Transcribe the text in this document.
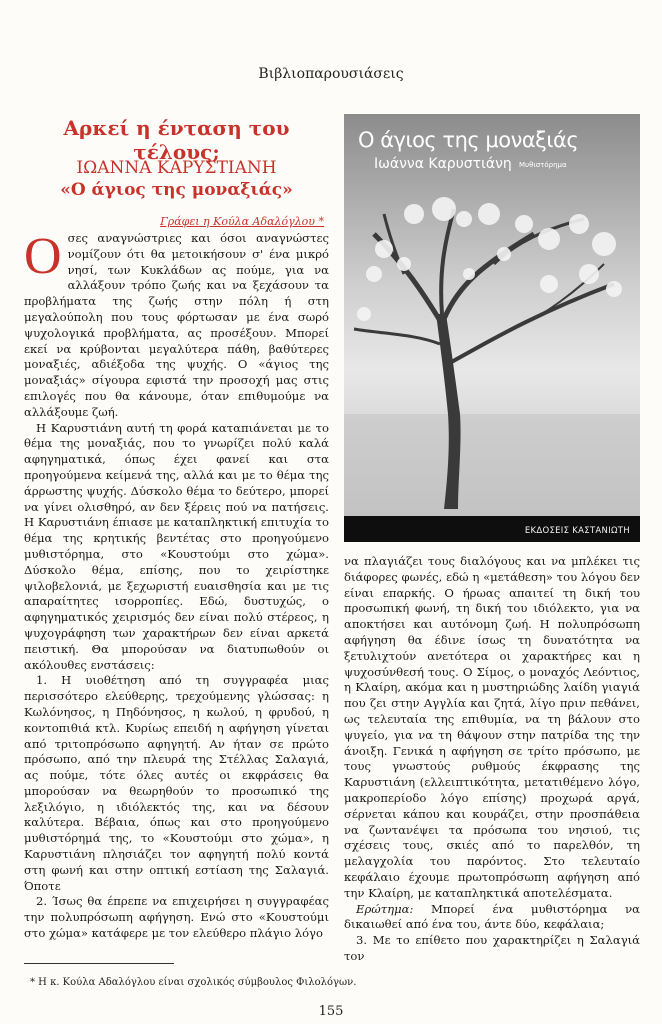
Βιβλιοπαρουσιάσεις
Αρκεί η ένταση του τέλους;
ΙΩΑΝΝΑ ΚΑΡΥΣΤΙΑΝΗ
«Ο άγιος της μοναξιάς»
Γράφει η Κούλα Αδαλόγλου *

Οσες αναγνώστριες και όσοι αναγνώστες νομίζουν ότι θα μετοικήσουν σ' ένα μικρό νησί, των Κυκλάδων ας πούμε, για να αλλάξουν τρόπο ζωής και να ξεχάσουν τα προβλήματα της ζωής στην πόλη ή στη μεγαλούπολη που τους φόρτωσαν με ένα σωρό ψυχολογικά προβλήματα, ας προσέξουν. Μπορεί εκεί να κρύβονται μεγαλύτερα πάθη, βαθύτερες μοναξιές, αδιέξοδα της ψυχής. Ο «άγιος της μοναξιάς» σίγουρα εφιστά την προσοχή μας στις επιλογές που θα κάνουμε, όταν επιθυμούμε να αλλάξουμε ζωή.

Η Καρυστιάνη αυτή τη φορά καταπιάνεται με το θέμα της μοναξιάς, που το γνωρίζει πολύ καλά αφηγηματικά, όπως έχει φανεί και στα προηγούμενα κείμενά της, αλλά και με το θέμα της άρρωστης ψυχής. Δύσκολο θέμα το δεύτερο, μπορεί να γίνει ολισθηρό, αν δεν ξέρεις πού να πατήσεις. Η Καρυστιάνη έπιασε με καταπληκτική επιτυχία το θέμα της κρητικής βεντέτας στο προηγούμενο μυθιστόρημα, στο «Κουστούμι στο χώμα». Δύσκολο θέμα, επίσης, που το χειρίστηκε ψιλοβελονιά, με ξεχωριστή ευαισθησία και με τις απαραίτητες ισορροπίες. Εδώ, δυστυχώς, ο αφηγηματικός χειρισμός δεν είναι πολύ στέρεος, η ψυχογράφηση των χαρακτήρων δεν είναι αρκετά πειστική. Θα μπορούσαν να διατυπωθούν οι ακόλουθες ενστάσεις:

1. Η υιοθέτηση από τη συγγραφέα μιας περισσότερο ελεύθερης, τρεχούμενης γλώσσας: η Κωλόνησος, η Πηδόνησος, η κωλού, η φρυδού, η κοντοπιθιά κτλ. Κυρίως επειδή η αφήγηση γίνεται από τριτοπρόσωπο αφηγητή. Αν ήταν σε πρώτο πρόσωπο, από την πλευρά της Στέλλας Σαλαγιά, ας πούμε, τότε όλες αυτές οι εκφράσεις θα μπορούσαν να θεωρηθούν το προσωπικό της λεξιλόγιο, η ιδιόλεκτός της, και να δέσουν καλύτερα. Βέβαια, όπως και στο προηγούμενο μυθιστόρημά της, το «Κουστούμι στο χώμα», η Καρυστιάνη πλησιάζει τον αφηγητή πολύ κοντά στη φωνή και στην οπτική εστίαση της Σαλαγιά. Όποτε

2. Ίσως θα έπρεπε να επιχειρήσει η συγγραφέας την πολυπρόσωπη αφήγηση. Ενώ στο «Κουστούμι στο χώμα» κατάφερε με τον ελεύθερο πλάγιο λόγο

Ο άγιος της μοναξιάς
Ιωάννα Καρυστιάνη Μυθιστόρημα
ΕΚΔΟΣΕΙΣ ΚΑΣΤΑΝΙΩΤΗ

να πλαγιάζει τους διαλόγους και να μπλέκει τις διάφορες φωνές, εδώ η «μετάθεση» του λόγου δεν είναι επαρκής. Ο ήρωας απαιτεί τη δική του προσωπική φωνή, τη δική του ιδιόλεκτο, για να αποκτήσει και αυτόνομη ζωή. Η πολυπρόσωπη αφήγηση θα έδινε ίσως τη δυνατότητα να ξετυλιχτούν ανετότερα οι χαρακτήρες και η ψυχοσύνθεσή τους. Ο Σίμος, ο μοναχός Λεόντιος, η Κλαίρη, ακόμα και η μυστηριώδης λαίδη γιαγιά που ζει στην Αγγλία και ζητά, λίγο πριν πεθάνει, ως τελευταία της επιθυμία, να τη βάλουν στο ψυγείο, για να τη θάψουν στην πατρίδα της την άνοιξη. Γενικά η αφήγηση σε τρίτο πρόσωπο, με τους γνωστούς ρυθμούς έκφρασης της Καρυστιάνη (ελλειπτικότητα, μετατιθέμενο λόγο, μακροπερίοδο λόγο επίσης) προχωρά αργά, σέρνεται κάπου και κουράζει, στην προσπάθεια να ζωντανέψει τα πρόσωπα του νησιού, τις σχέσεις τους, σκιές από το παρελθόν, τη μελαγχολία του παρόντος. Στο τελευταίο κεφάλαιο έχουμε πρωτοπρόσωπη αφήγηση από την Κλαίρη, με καταπληκτικά αποτελέσματα.

Ερώτημα: Μπορεί ένα μυθιστόρημα να δικαιωθεί από ένα του, άντε δύο, κεφάλαια;

3. Με το επίθετο που χαρακτηρίζει η Σαλαγιά τον

* Η κ. Κούλα Αδαλόγλου είναι σχολικός σύμβουλος Φιλολόγων.
155
